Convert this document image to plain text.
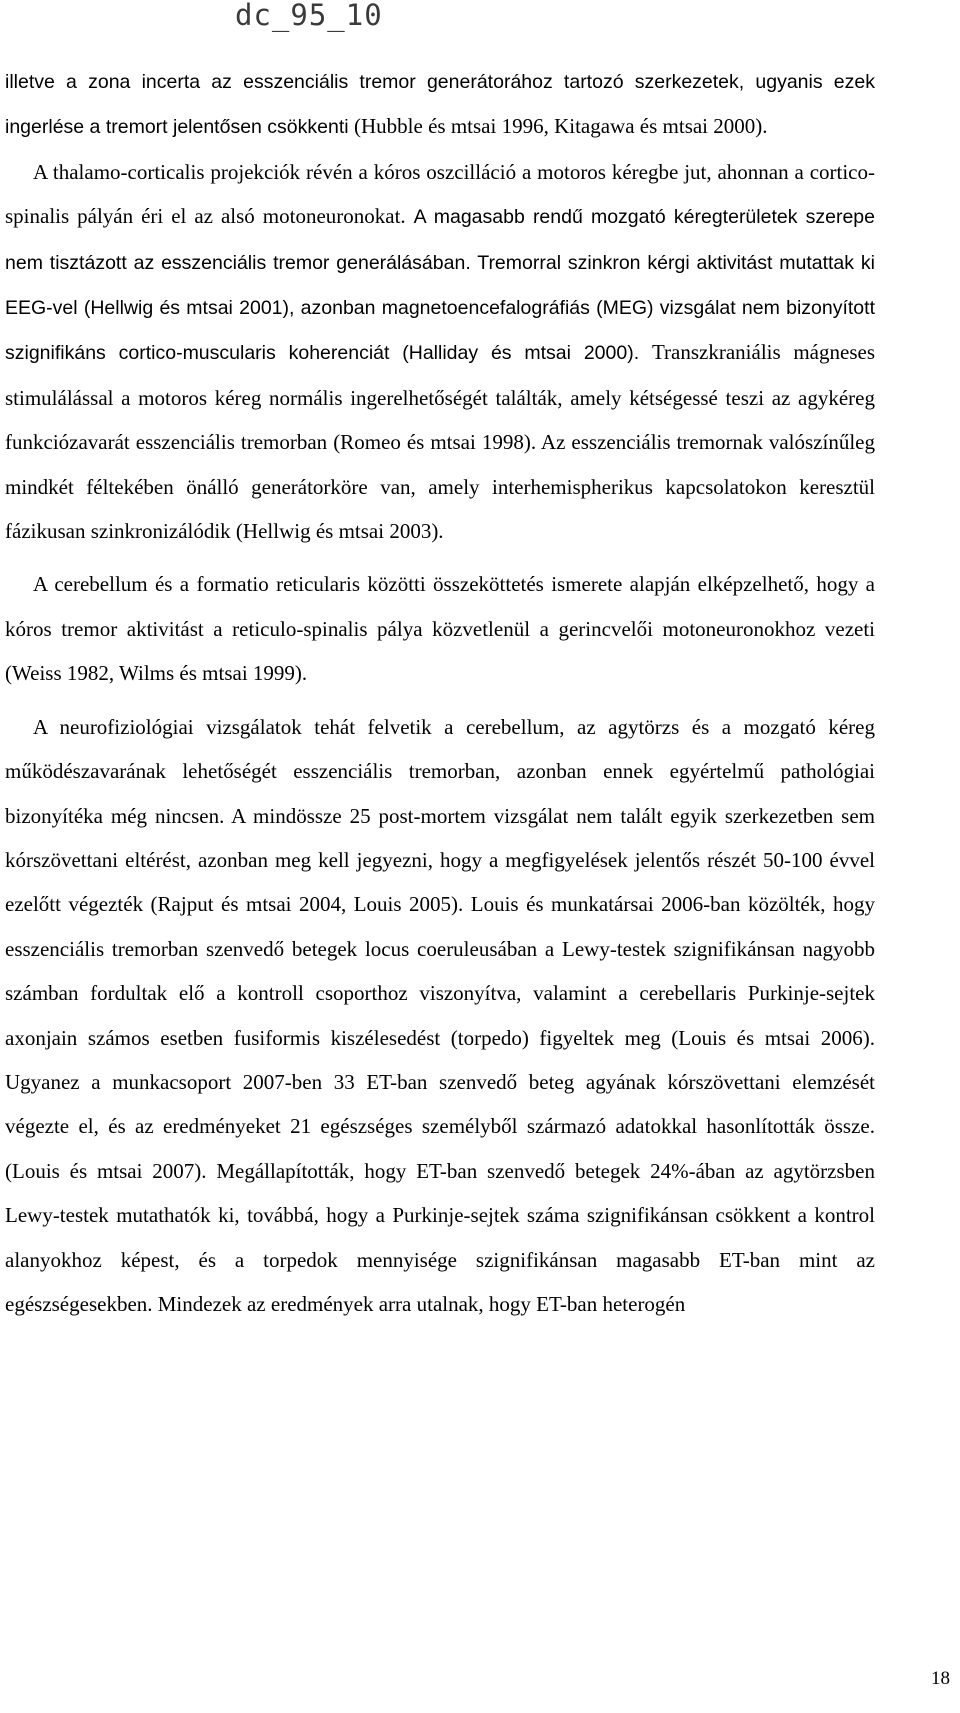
dc_95_10

illetve a zona incerta az esszenciális tremor generátorához tartozó szerkezetek, ugyanis ezek ingerlése a tremort jelentősen csökkenti (Hubble és mtsai 1996, Kitagawa és mtsai 2000).

A thalamo-corticalis projekciók révén a kóros oszcilláció a motoros kéregbe jut, ahonnan a cortico-spinalis pályán éri el az alsó motoneuronokat. A magasabb rendű mozgató kéregterületek szerepe nem tisztázott az esszenciális tremor generálásában. Tremorral szinkron kérgi aktivitást mutattak ki EEG-vel (Hellwig és mtsai 2001), azonban magnetoencefalográfiás (MEG) vizsgálat nem bizonyított szignifikáns cortico-muscularis koherenciát (Halliday és mtsai 2000). Transzkraniális mágneses stimulálással a motoros kéreg normális ingerelhetőségét találták, amely kétségessé teszi az agykéreg funkciózavarát esszenciális tremorban (Romeo és mtsai 1998). Az esszenciális tremornak valószínűleg mindkét féltekében önálló generátorköre van, amely interhemispherikus kapcsolatokon keresztül fázikusan szinkronizálódik (Hellwig és mtsai 2003).

A cerebellum és a formatio reticularis közötti összeköttetés ismerete alapján elképzelhető, hogy a kóros tremor aktivitást a reticulo-spinalis pálya közvetlenül a gerincvelői motoneuronokhoz vezeti (Weiss 1982, Wilms és mtsai 1999).

A neurofiziológiai vizsgálatok tehát felvetik a cerebellum, az agytörzs és a mozgató kéreg működészavarának lehetőségét esszenciális tremorban, azonban ennek egyértelmű pathológiai bizonyítéka még nincsen. A mindössze 25 post-mortem vizsgálat nem talált egyik szerkezetben sem kórszövettani eltérést, azonban meg kell jegyezni, hogy a megfigyelések jelentős részét 50-100 évvel ezelőtt végezték (Rajput és mtsai 2004, Louis 2005). Louis és munkatársai 2006-ban közölték, hogy esszenciális tremorban szenvedő betegek locus coeruleusában a Lewy-testek szignifikánsan nagyobb számban fordultak elő a kontroll csoporthoz viszonyítva, valamint a cerebellaris Purkinje-sejtek axonjain számos esetben fusiformis kiszélesedést (torpedo) figyeltek meg (Louis és mtsai 2006). Ugyanez a munkacsoport 2007-ben 33 ET-ban szenvedő beteg agyának kórszövettani elemzését végezte el, és az eredményeket 21 egészséges személyből származó adatokkal hasonlították össze. (Louis és mtsai 2007). Megállapították, hogy ET-ban szenvedő betegek 24%-ában az agytörzsben Lewy-testek mutathatók ki, továbbá, hogy a Purkinje-sejtek száma szignifikánsan csökkent a kontrol alanyokhoz képest, és a torpedok mennyisége szignifikánsan magasabb ET-ban mint az egészségesekben. Mindezek az eredmények arra utalnak, hogy ET-ban heterogén

18
